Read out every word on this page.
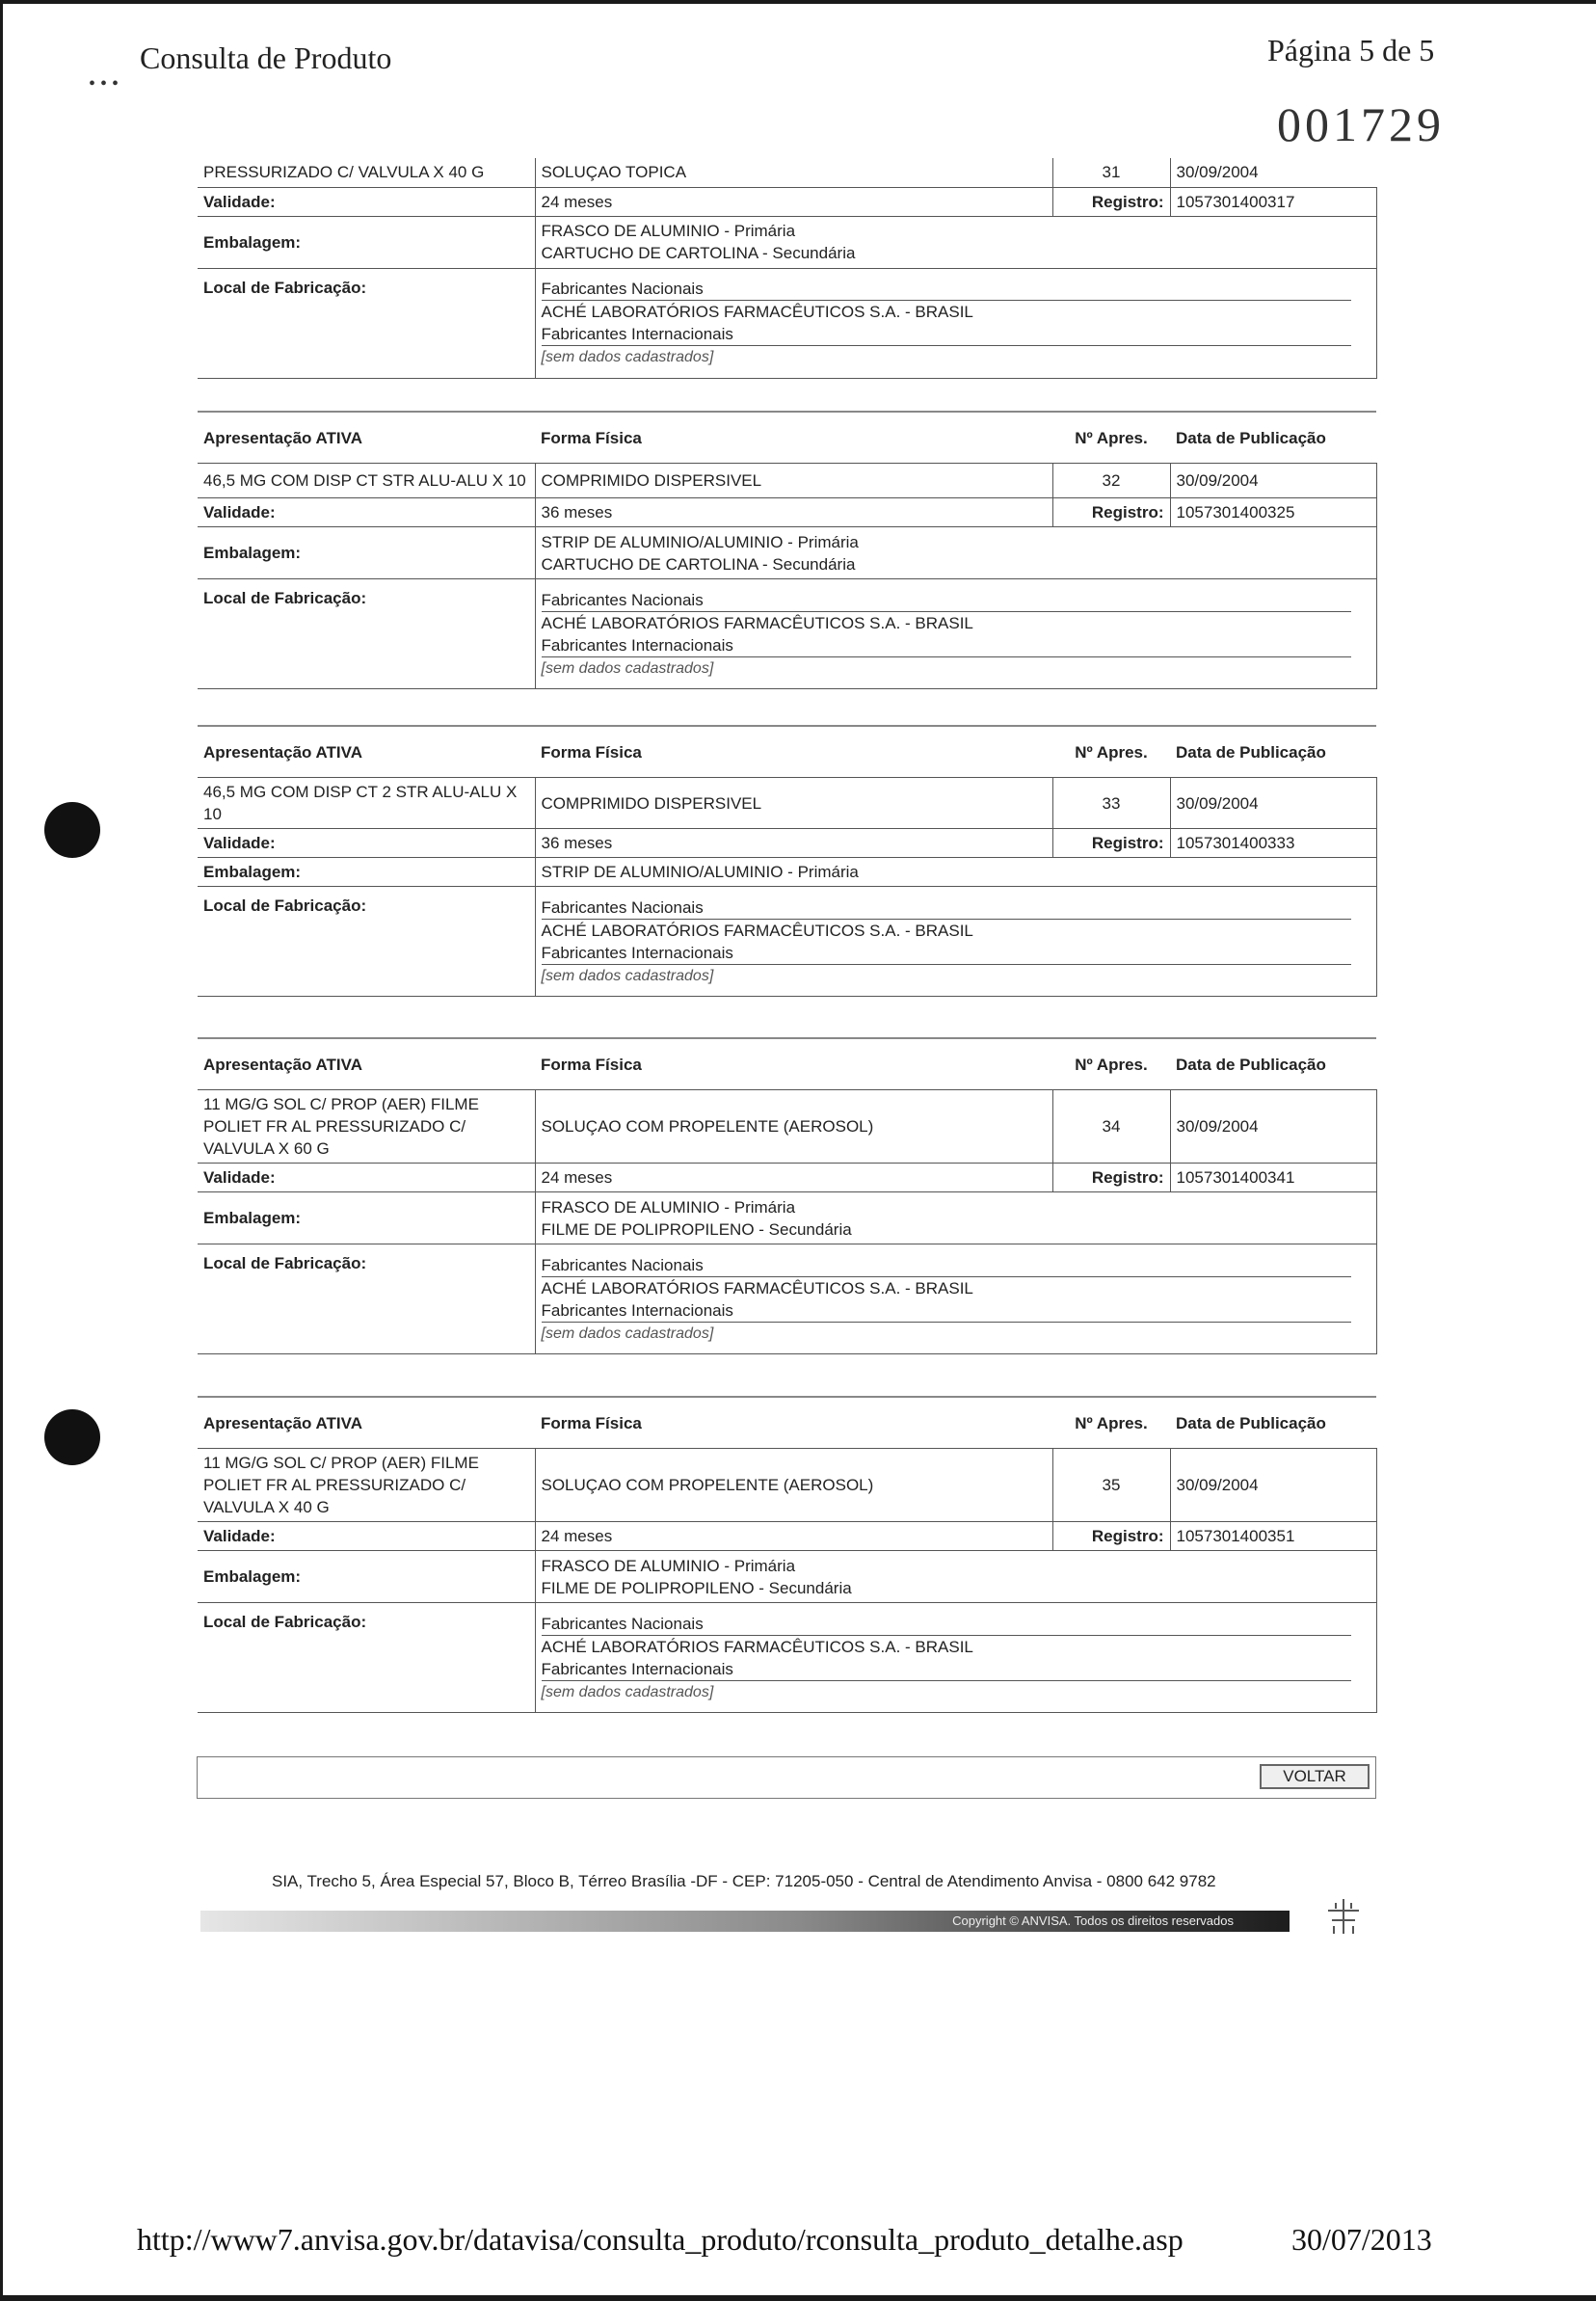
Consulta de Produto
• • •
Página 5 de 5
001729
PRESSURIZADO C/ VALVULA X 40 G	SOLUÇAO TOPICA	31	30/09/2004
Validade:	24 meses	Registro:	1057301400317
Embalagem:	FRASCO DE ALUMINIO - Primária
CARTUCHO DE CARTOLINA - Secundária		

Local de Fabricação:	Fabricantes Nacionais
ACHÉ LABORATÓRIOS FARMACÊUTICOS S.A. - BRASIL
Fabricantes Internacionais
[sem dados cadastrados]		
Apresentação ATIVA	Forma Física	Nº Apres.	Data de Publicação
46,5 MG COM DISP CT STR ALU-ALU X 10	COMPRIMIDO DISPERSIVEL	32	30/09/2004
Validade:	36 meses	Registro:	1057301400325
Embalagem:	STRIP DE ALUMINIO/ALUMINIO - Primária
CARTUCHO DE CARTOLINA - Secundária		

Local de Fabricação:	Fabricantes Nacionais
ACHÉ LABORATÓRIOS FARMACÊUTICOS S.A. - BRASIL
Fabricantes Internacionais
[sem dados cadastrados]		
Apresentação ATIVA	Forma Física	Nº Apres.	Data de Publicação
46,5 MG COM DISP CT 2 STR ALU-ALU X 10	COMPRIMIDO DISPERSIVEL	33	30/09/2004
Validade:	36 meses	Registro:	1057301400333
Embalagem:	STRIP DE ALUMINIO/ALUMINIO - Primária		

Local de Fabricação:	Fabricantes Nacionais
ACHÉ LABORATÓRIOS FARMACÊUTICOS S.A. - BRASIL
Fabricantes Internacionais
[sem dados cadastrados]		
Apresentação ATIVA	Forma Física	Nº Apres.	Data de Publicação
11 MG/G SOL C/ PROP (AER) FILME POLIET FR AL PRESSURIZADO C/ VALVULA X 60 G	SOLUÇAO COM PROPELENTE (AEROSOL)	34	30/09/2004
Validade:	24 meses	Registro:	1057301400341
Embalagem:	FRASCO DE ALUMINIO - Primária
FILME DE POLIPROPILENO - Secundária		

Local de Fabricação:	Fabricantes Nacionais
ACHÉ LABORATÓRIOS FARMACÊUTICOS S.A. - BRASIL
Fabricantes Internacionais
[sem dados cadastrados]		
Apresentação ATIVA	Forma Física	Nº Apres.	Data de Publicação
11 MG/G SOL C/ PROP (AER) FILME POLIET FR AL PRESSURIZADO C/ VALVULA X 40 G	SOLUÇAO COM PROPELENTE (AEROSOL)	35	30/09/2004
Validade:	24 meses	Registro:	1057301400351
Embalagem:	FRASCO DE ALUMINIO - Primária
FILME DE POLIPROPILENO - Secundária		

Local de Fabricação:	Fabricantes Nacionais
ACHÉ LABORATÓRIOS FARMACÊUTICOS S.A. - BRASIL
Fabricantes Internacionais
[sem dados cadastrados]		
VOLTAR
SIA, Trecho 5, Área Especial 57, Bloco B, Térreo Brasília -DF - CEP: 71205-050 - Central de Atendimento Anvisa - 0800 642 9782
Copyright © ANVISA. Todos os direitos reservados
http://www7.anvisa.gov.br/datavisa/consulta_produto/rconsulta_produto_detalhe.asp	30/07/2013
